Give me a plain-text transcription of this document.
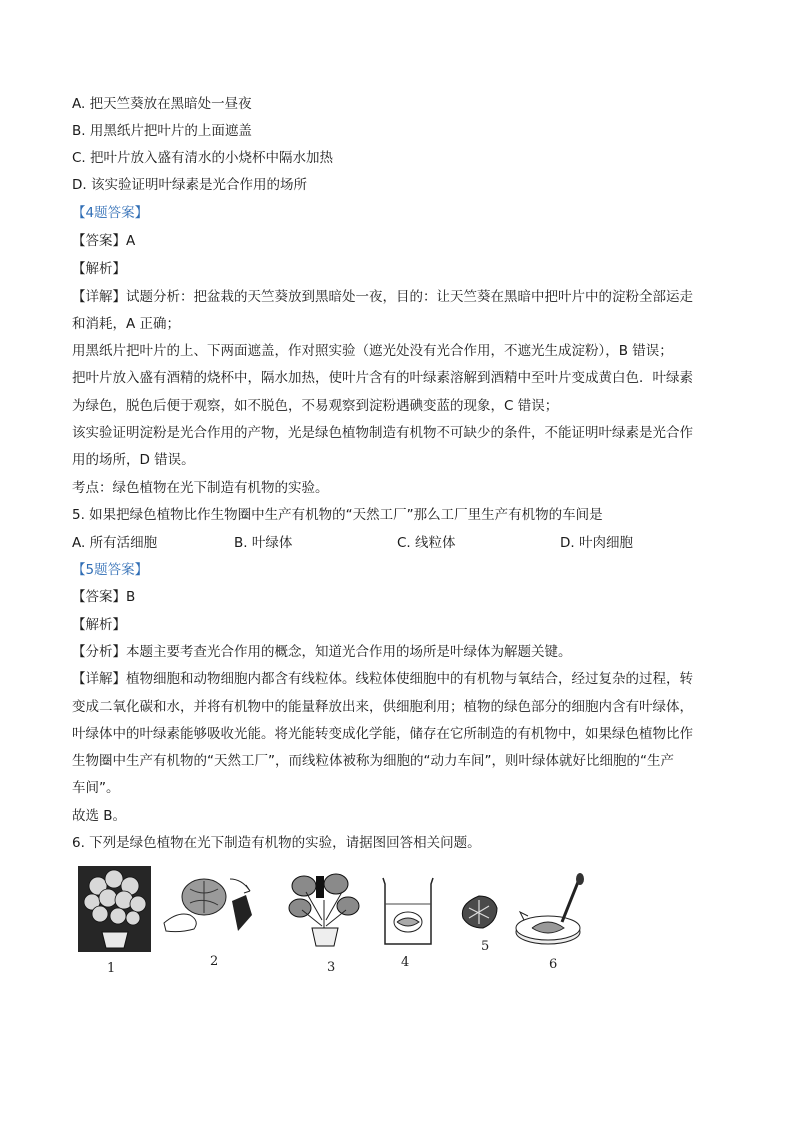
A. 把天竺葵放在黑暗处一昼夜
B. 用黑纸片把叶片的上面遮盖
C. 把叶片放入盛有清水的小烧杯中隔水加热
D. 该实验证明叶绿素是光合作用的场所
【4题答案】
【答案】A
【解析】
【详解】试题分析：把盆栽的天竺葵放到黑暗处一夜，目的：让天竺葵在黑暗中把叶片中的淀粉全部运走
和消耗，A 正确；
用黑纸片把叶片的上、下两面遮盖，作对照实验（遮光处没有光合作用，不遮光生成淀粉），B 错误；
把叶片放入盛有酒精的烧杯中，隔水加热，使叶片含有的叶绿素溶解到酒精中至叶片变成黄白色．叶绿素
为绿色，脱色后便于观察，如不脱色，不易观察到淀粉遇碘变蓝的现象，C 错误；
该实验证明淀粉是光合作用的产物，光是绿色植物制造有机物不可缺少的条件，不能证明叶绿素是光合作
用的场所，D 错误。
考点：绿色植物在光下制造有机物的实验。
5. 如果把绿色植物比作生物圈中生产有机物的“天然工厂”那么工厂里生产有机物的车间是
A. 所有活细胞	B. 叶绿体	C. 线粒体	D. 叶肉细胞
【5题答案】
【答案】B
【解析】
【分析】本题主要考查光合作用的概念，知道光合作用的场所是叶绿体为解题关键。
【详解】植物细胞和动物细胞内都含有线粒体。线粒体使细胞中的有机物与氧结合，经过复杂的过程，转
变成二氧化碳和水，并将有机物中的能量释放出来，供细胞利用；植物的绿色部分的细胞内含有叶绿体，
叶绿体中的叶绿素能够吸收光能。将光能转变成化学能，储存在它所制造的有机物中，如果绿色植物比作
生物圈中生产有机物的“天然工厂”，而线粒体被称为细胞的“动力车间”，则叶绿体就好比细胞的“生产
车间”。
故选 B。
6. 下列是绿色植物在光下制造有机物的实验，请据图回答相关问题。
1	2	3	4
5
6
